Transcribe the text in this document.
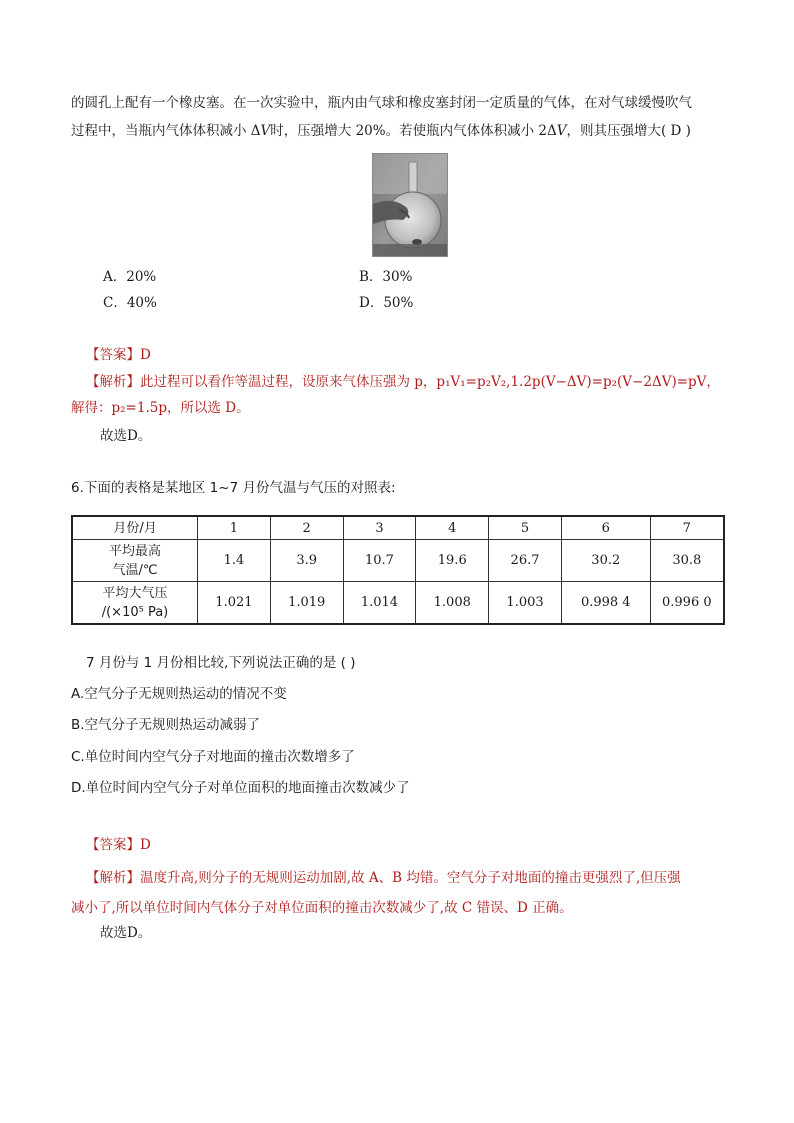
的圆孔上配有一个橡皮塞。在一次实验中，瓶内由气球和橡皮塞封闭一定质量的气体，在对气球缓慢吹气
过程中，当瓶内气体体积减小 ΔV时，压强增大 20%。若使瓶内气体体积减小 2ΔV，则其压强增大( D )
A．20%	B．30%
C．40%	D．50%
【答案】D
【解析】此过程可以看作等温过程，设原来气体压强为 p，p₁V₁=p₂V₂,1.2p(V−ΔV)=p₂(V−2ΔV)=pV，
解得：p₂=1.5p，所以选 D。
故选D。
6.下面的表格是某地区 1~7 月份气温与气压的对照表:
月份/月	1	2	3	4	5	6	7

平均最高
气温/℃	1.4	3.9	10.7	19.6	26.7	30.2	30.8

平均大气压
/(×10⁵ Pa)	1.021	1.019	1.014	1.008	1.003	0.998 4	0.996 0
7 月份与 1 月份相比较,下列说法正确的是 ( )
A.空气分子无规则热运动的情况不变
B.空气分子无规则热运动减弱了
C.单位时间内空气分子对地面的撞击次数增多了
D.单位时间内空气分子对单位面积的地面撞击次数减少了
【答案】D
【解析】温度升高,则分子的无规则运动加剧,故 A、B 均错。空气分子对地面的撞击更强烈了,但压强
减小了,所以单位时间内气体分子对单位面积的撞击次数减少了,故 C 错误、D 正确。
故选D。
